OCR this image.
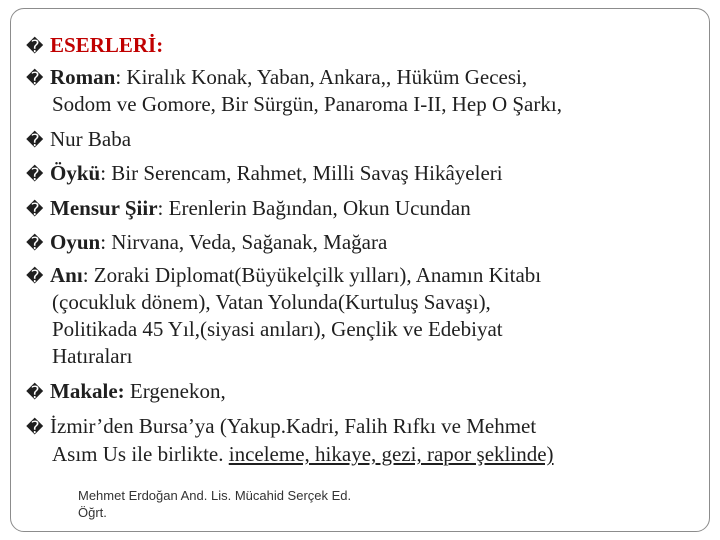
� ESERLERİ:
� Roman: Kiralık Konak, Yaban, Ankara,, Hüküm Gecesi,
Sodom ve Gomore, Bir Sürgün, Panaroma I-II, Hep O Şarkı,
� Nur Baba
� Öykü: Bir Serencam, Rahmet, Milli Savaş Hikâyeleri
� Mensur Şiir: Erenlerin Bağından, Okun Ucundan
� Oyun: Nirvana, Veda, Sağanak, Mağara
� Anı: Zoraki Diplomat(Büyükelçilk yılları), Anamın Kitabı
(çocukluk dönem), Vatan Yolunda(Kurtuluş Savaşı),
Politikada 45 Yıl,(siyasi anıları), Gençlik ve Edebiyat
Hatıraları
� Makale: Ergenekon,
� İzmir’den Bursa’ya (Yakup.Kadri, Falih Rıfkı ve Mehmet
Asım Us ile birlikte. inceleme, hikaye, gezi, rapor şeklinde)
Mehmet Erdoğan And. Lis. Mücahid Serçek Ed. Öğrt.
